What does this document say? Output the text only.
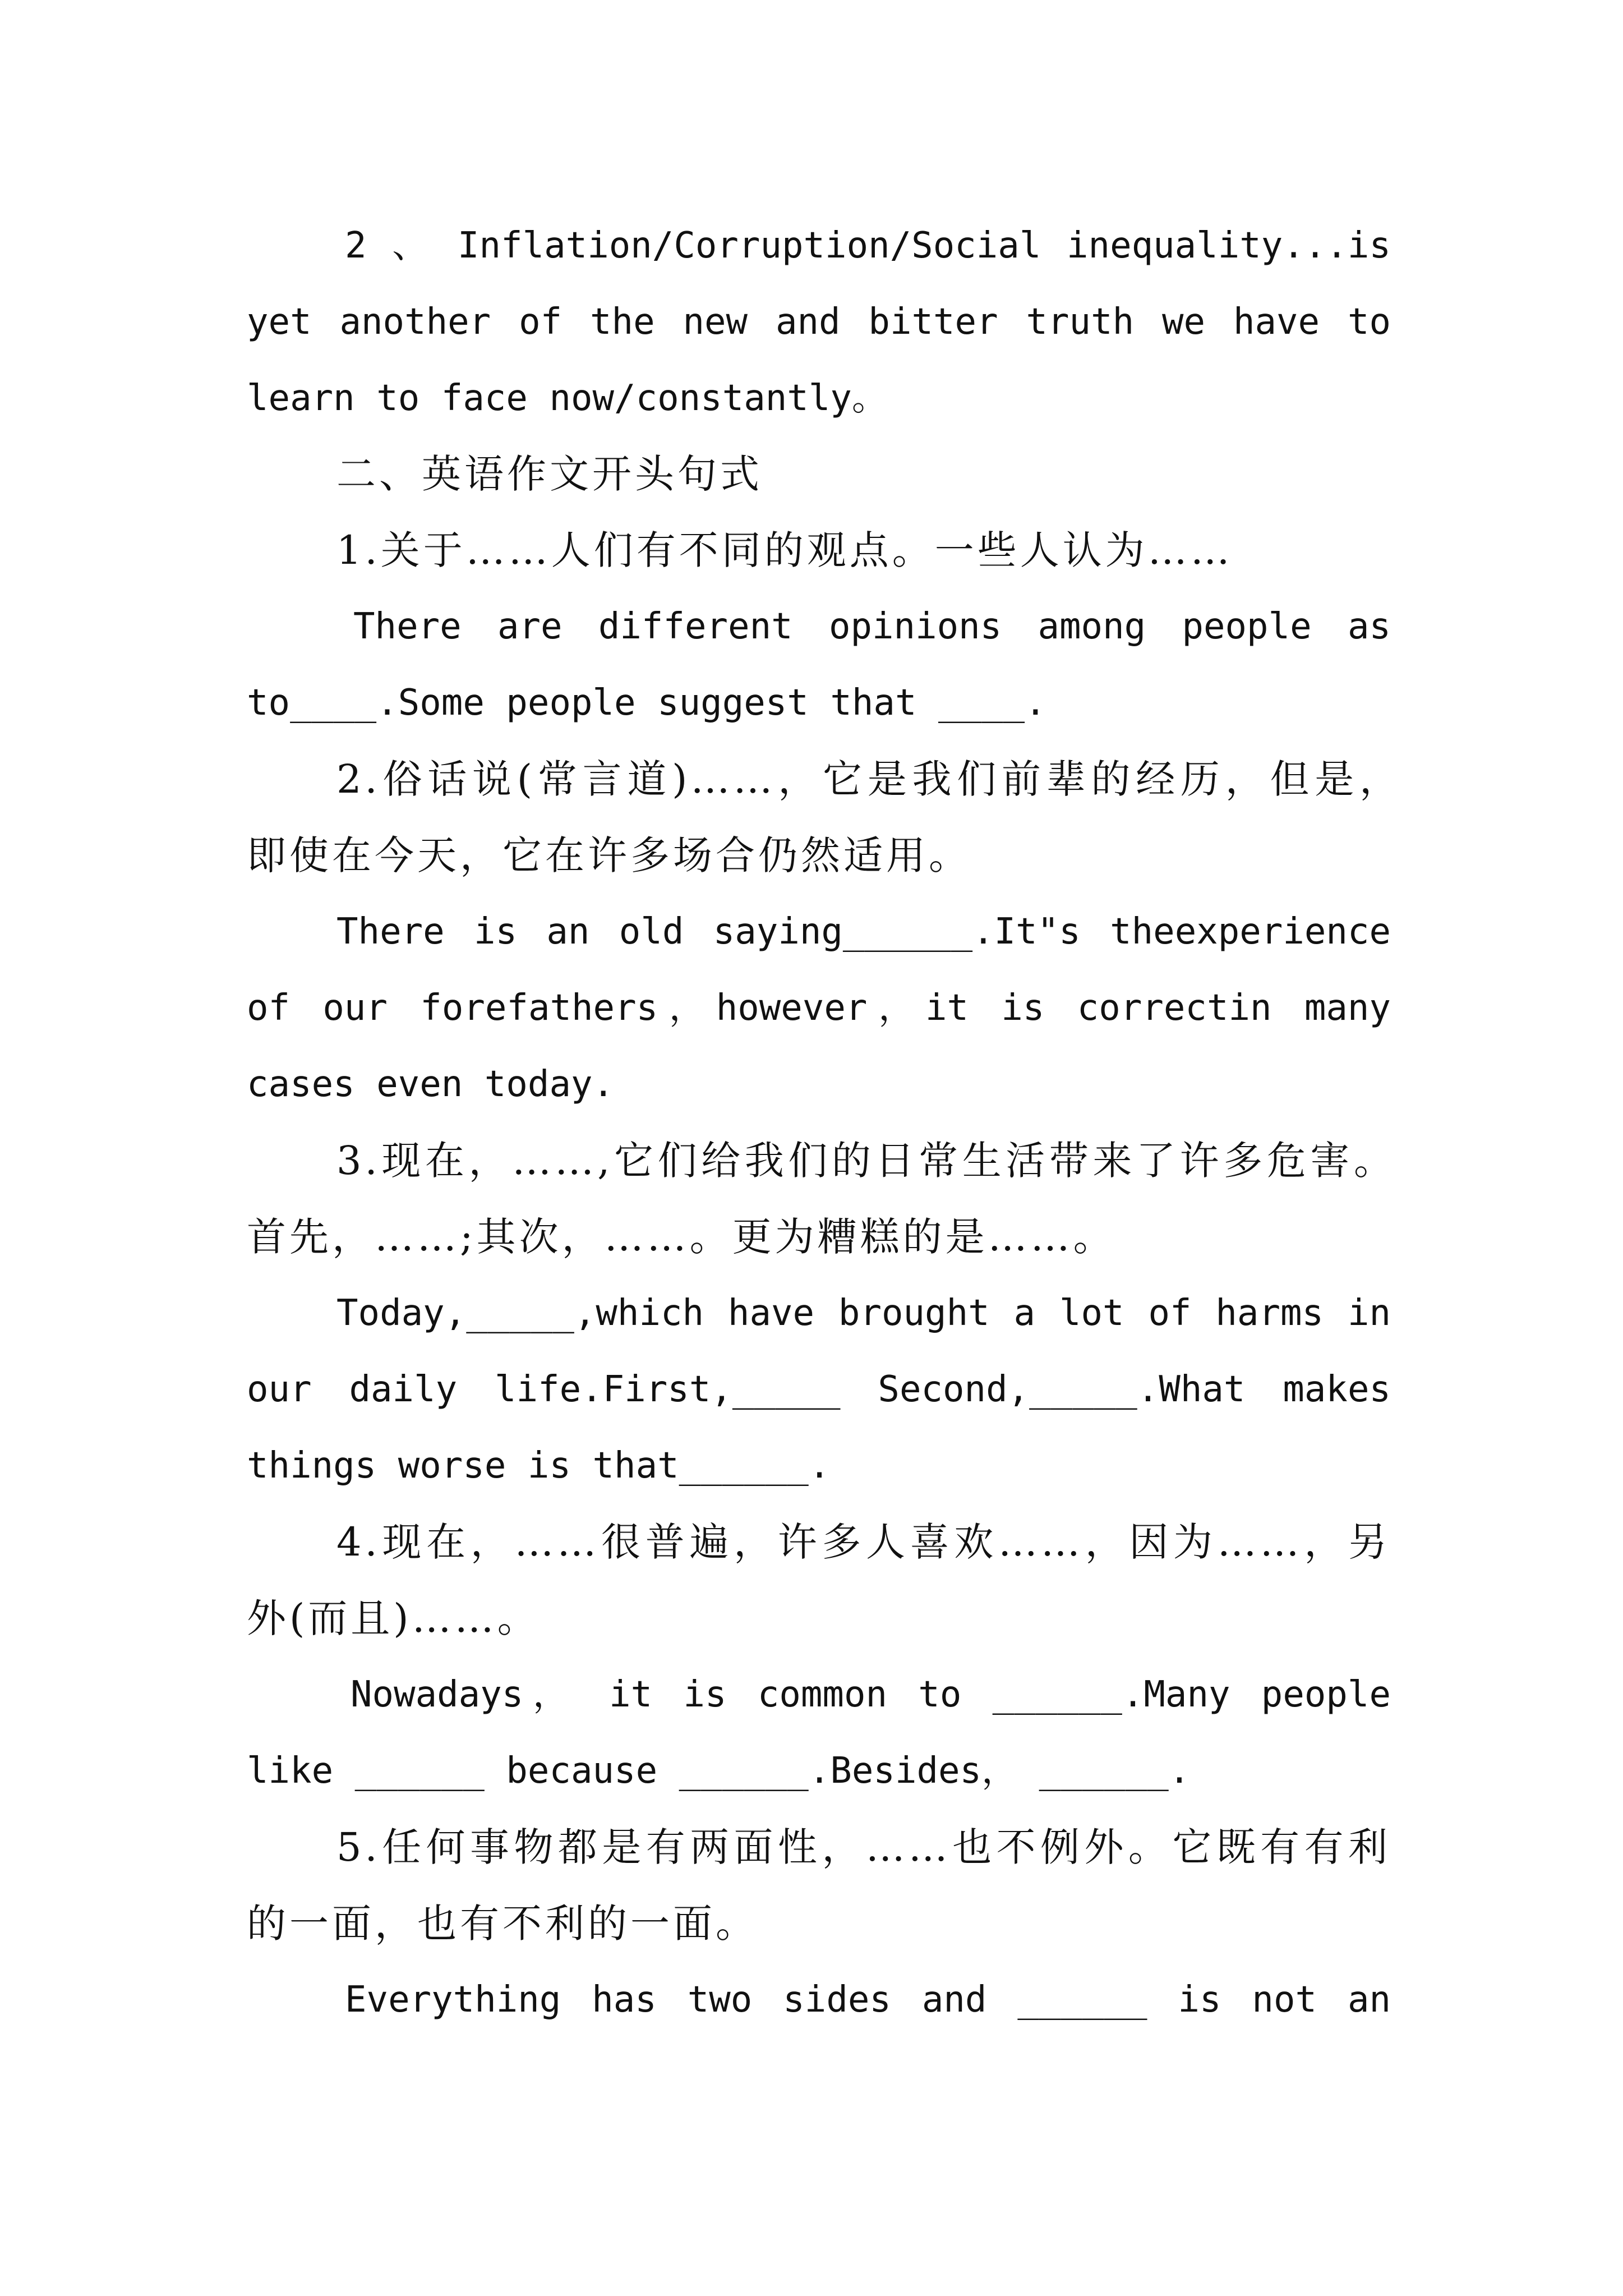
2 、 Inflation/Corruption/Social inequality...is
yet another of the new and bitter truth we have to
learn to face now/constantly。
二、英语作文开头句式
1.关于……人们有不同的观点。一些人认为……
There are different opinions among people as
to____.Some people suggest that ____.
2.俗话说(常言道)……，它是我们前辈的经历，但是，
即使在今天，它在许多场合仍然适用。
There is an old saying______.It"s theexperience
of our forefathers，however，it is correctin many
cases even today.
3.现在，……,它们给我们的日常生活带来了许多危害。
首先，……;其次，……。更为糟糕的是……。
Today,_____,which have brought a lot of harms in
our daily life.First,_____ Second,_____.What makes
things worse is that______.
4.现在，……很普遍，许多人喜欢……，因为……，另
外(而且)……。
Nowadays， it is common to ______.Many people
like ______ because ______.Besides， ______.
5.任何事物都是有两面性，……也不例外。它既有有利
的一面，也有不利的一面。
Everything has two sides and ______ is not an
